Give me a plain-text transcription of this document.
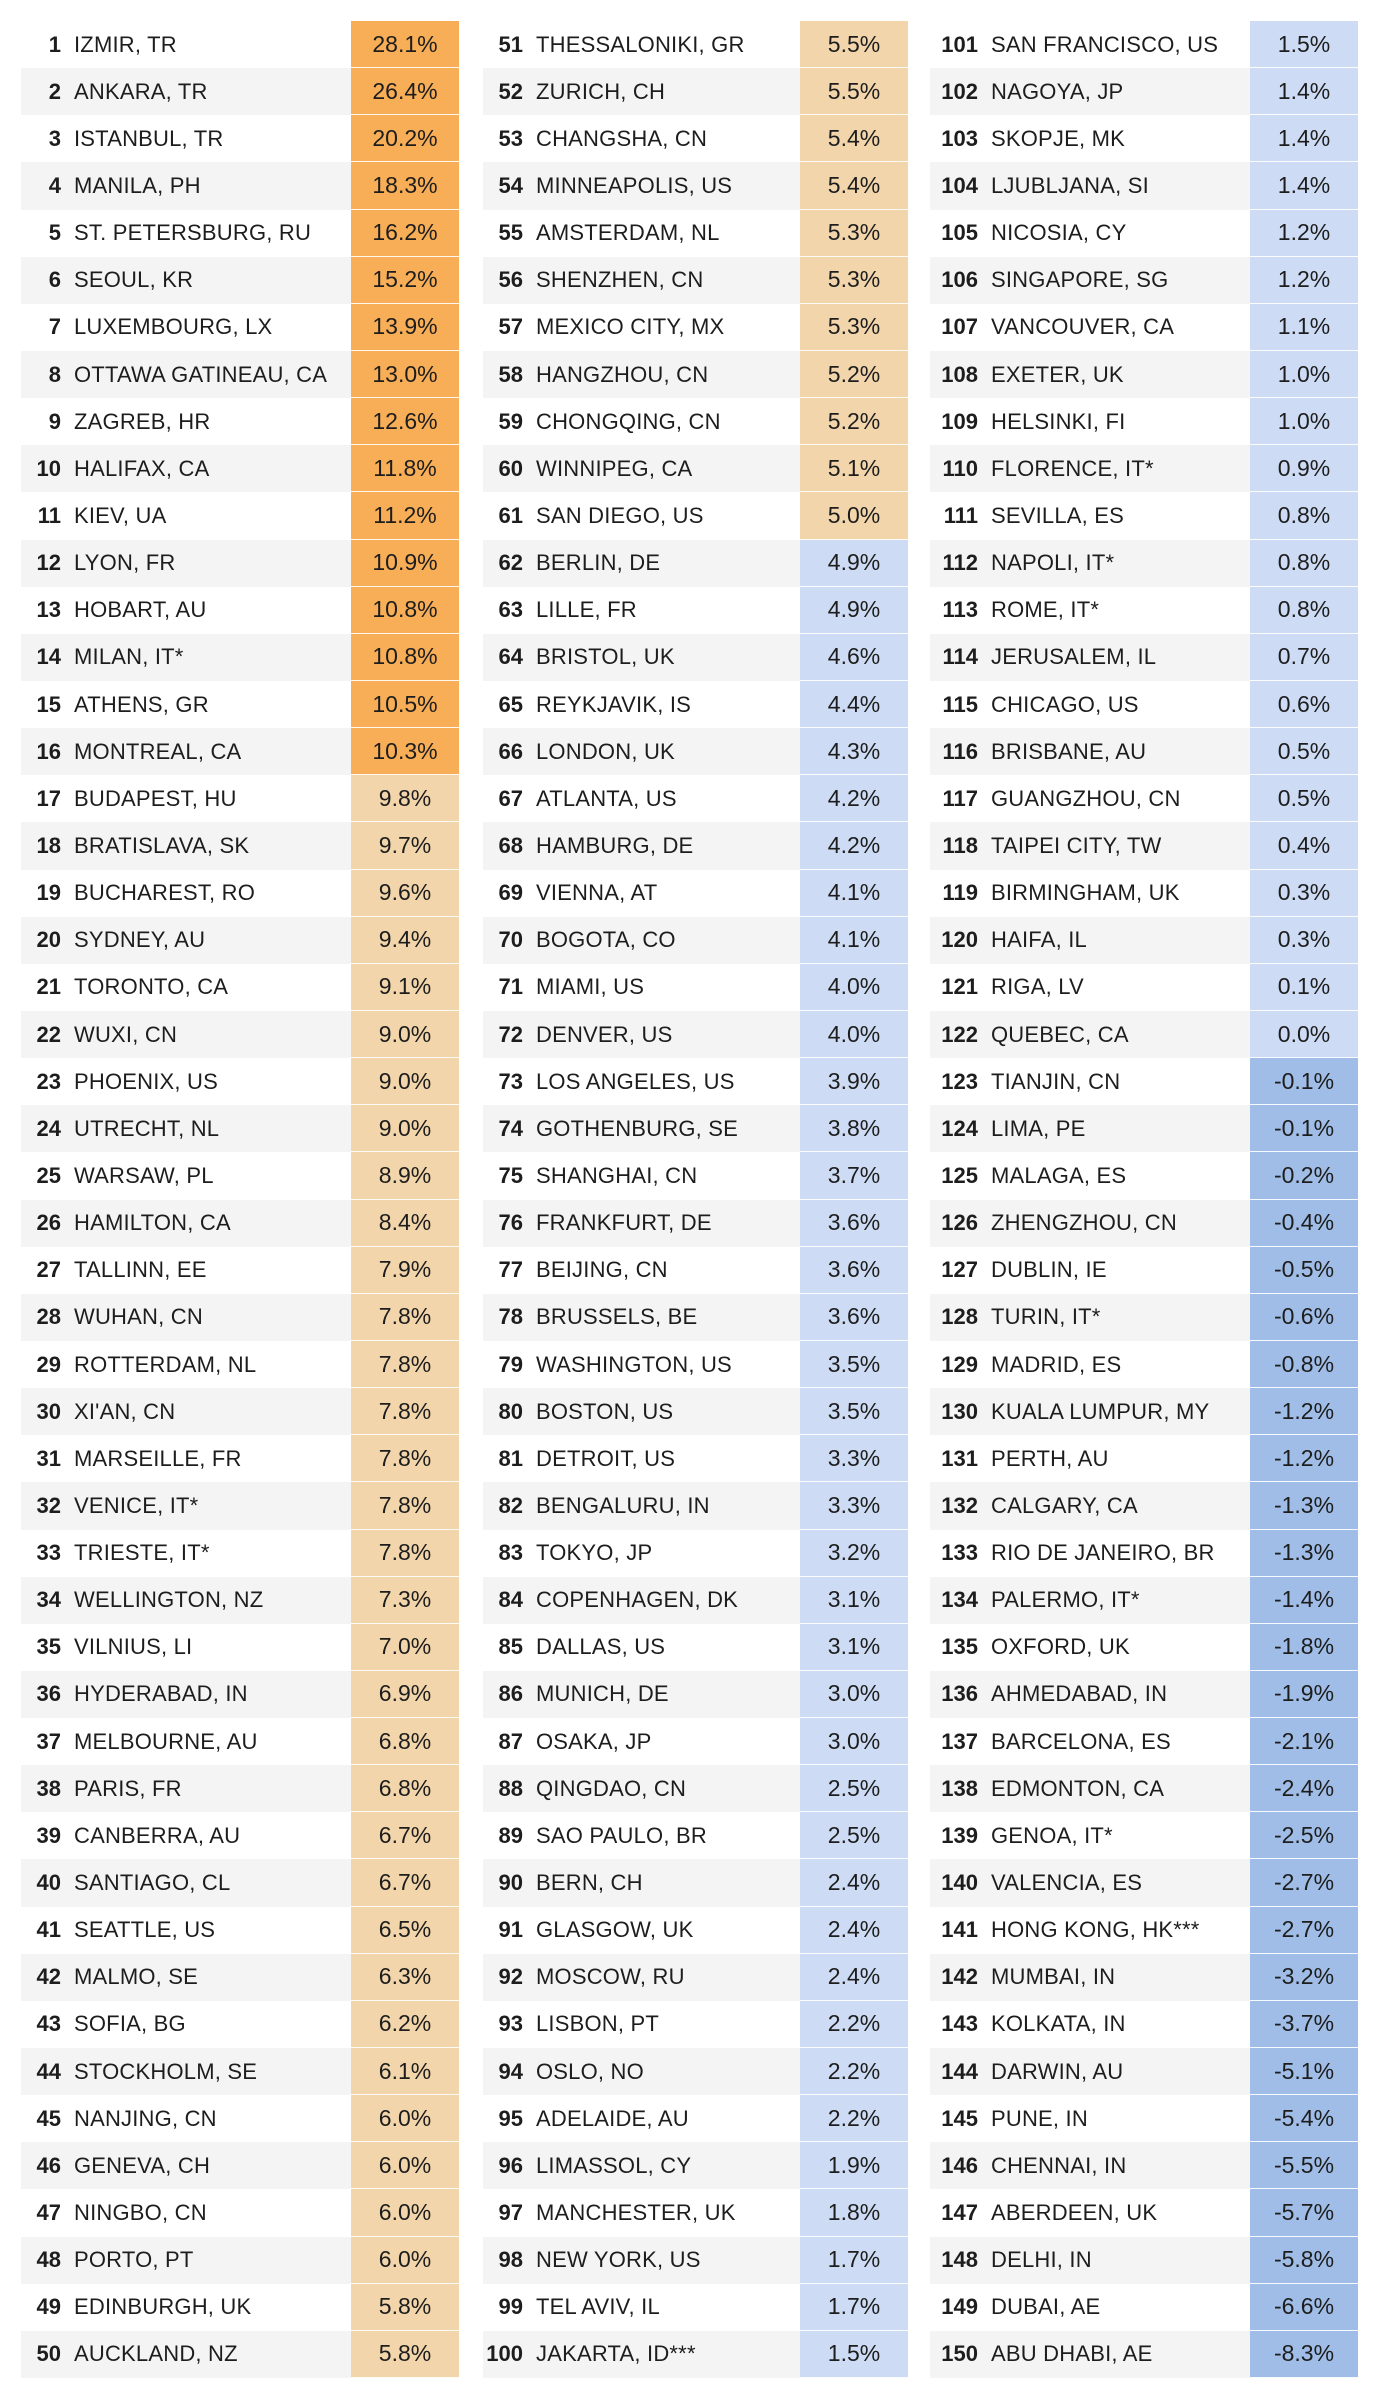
1 IZMIR, TR	28.1%
2 ANKARA, TR	26.4%
3 ISTANBUL, TR	20.2%
4 MANILA, PH	18.3%
5 ST. PETERSBURG, RU	16.2%
6 SEOUL, KR	15.2%
7 LUXEMBOURG, LX	13.9%
8 OTTAWA GATINEAU, CA	13.0%
9 ZAGREB, HR	12.6%
10 HALIFAX, CA	11.8%
11 KIEV, UA	11.2%
12 LYON, FR	10.9%
13 HOBART, AU	10.8%
14 MILAN, IT*	10.8%
15 ATHENS, GR	10.5%
16 MONTREAL, CA	10.3%
17 BUDAPEST, HU	9.8%
18 BRATISLAVA, SK	9.7%
19 BUCHAREST, RO	9.6%
20 SYDNEY, AU	9.4%
21 TORONTO, CA	9.1%
22 WUXI, CN	9.0%
23 PHOENIX, US	9.0%
24 UTRECHT, NL	9.0%
25 WARSAW, PL	8.9%
26 HAMILTON, CA	8.4%
27 TALLINN, EE	7.9%
28 WUHAN, CN	7.8%
29 ROTTERDAM, NL	7.8%
30 XI'AN, CN	7.8%
31 MARSEILLE, FR	7.8%
32 VENICE, IT*	7.8%
33 TRIESTE, IT*	7.8%
34 WELLINGTON, NZ	7.3%
35 VILNIUS, LI	7.0%
36 HYDERABAD, IN	6.9%
37 MELBOURNE, AU	6.8%
38 PARIS, FR	6.8%
39 CANBERRA, AU	6.7%
40 SANTIAGO, CL	6.7%
41 SEATTLE, US	6.5%
42 MALMO, SE	6.3%
43 SOFIA, BG	6.2%
44 STOCKHOLM, SE	6.1%
45 NANJING, CN	6.0%
46 GENEVA, CH	6.0%
47 NINGBO, CN	6.0%
48 PORTO, PT	6.0%
49 EDINBURGH, UK	5.8%
50 AUCKLAND, NZ	5.8%
51 THESSALONIKI, GR	5.5%
52 ZURICH, CH	5.5%
53 CHANGSHA, CN	5.4%
54 MINNEAPOLIS, US	5.4%
55 AMSTERDAM, NL	5.3%
56 SHENZHEN, CN	5.3%
57 MEXICO CITY, MX	5.3%
58 HANGZHOU, CN	5.2%
59 CHONGQING, CN	5.2%
60 WINNIPEG, CA	5.1%
61 SAN DIEGO, US	5.0%
62 BERLIN, DE	4.9%
63 LILLE, FR	4.9%
64 BRISTOL, UK	4.6%
65 REYKJAVIK, IS	4.4%
66 LONDON, UK	4.3%
67 ATLANTA, US	4.2%
68 HAMBURG, DE	4.2%
69 VIENNA, AT	4.1%
70 BOGOTA, CO	4.1%
71 MIAMI, US	4.0%
72 DENVER, US	4.0%
73 LOS ANGELES, US	3.9%
74 GOTHENBURG, SE	3.8%
75 SHANGHAI, CN	3.7%
76 FRANKFURT, DE	3.6%
77 BEIJING, CN	3.6%
78 BRUSSELS, BE	3.6%
79 WASHINGTON, US	3.5%
80 BOSTON, US	3.5%
81 DETROIT, US	3.3%
82 BENGALURU, IN	3.3%
83 TOKYO, JP	3.2%
84 COPENHAGEN, DK	3.1%
85 DALLAS, US	3.1%
86 MUNICH, DE	3.0%
87 OSAKA, JP	3.0%
88 QINGDAO, CN	2.5%
89 SAO PAULO, BR	2.5%
90 BERN, CH	2.4%
91 GLASGOW, UK	2.4%
92 MOSCOW, RU	2.4%
93 LISBON, PT	2.2%
94 OSLO, NO	2.2%
95 ADELAIDE, AU	2.2%
96 LIMASSOL, CY	1.9%
97 MANCHESTER, UK	1.8%
98 NEW YORK, US	1.7%
99 TEL AVIV, IL	1.7%
100 JAKARTA, ID***	1.5%
101 SAN FRANCISCO, US	1.5%
102 NAGOYA, JP	1.4%
103 SKOPJE, MK	1.4%
104 LJUBLJANA, SI	1.4%
105 NICOSIA, CY	1.2%
106 SINGAPORE, SG	1.2%
107 VANCOUVER, CA	1.1%
108 EXETER, UK	1.0%
109 HELSINKI, FI	1.0%
110 FLORENCE, IT*	0.9%
111 SEVILLA, ES	0.8%
112 NAPOLI, IT*	0.8%
113 ROME, IT*	0.8%
114 JERUSALEM, IL	0.7%
115 CHICAGO, US	0.6%
116 BRISBANE, AU	0.5%
117 GUANGZHOU, CN	0.5%
118 TAIPEI CITY, TW	0.4%
119 BIRMINGHAM, UK	0.3%
120 HAIFA, IL	0.3%
121 RIGA, LV	0.1%
122 QUEBEC, CA	0.0%
123 TIANJIN, CN	-0.1%
124 LIMA, PE	-0.1%
125 MALAGA, ES	-0.2%
126 ZHENGZHOU, CN	-0.4%
127 DUBLIN, IE	-0.5%
128 TURIN, IT*	-0.6%
129 MADRID, ES	-0.8%
130 KUALA LUMPUR, MY	-1.2%
131 PERTH, AU	-1.2%
132 CALGARY, CA	-1.3%
133 RIO DE JANEIRO, BR	-1.3%
134 PALERMO, IT*	-1.4%
135 OXFORD, UK	-1.8%
136 AHMEDABAD, IN	-1.9%
137 BARCELONA, ES	-2.1%
138 EDMONTON, CA	-2.4%
139 GENOA, IT*	-2.5%
140 VALENCIA, ES	-2.7%
141 HONG KONG, HK***	-2.7%
142 MUMBAI, IN	-3.2%
143 KOLKATA, IN	-3.7%
144 DARWIN, AU	-5.1%
145 PUNE, IN	-5.4%
146 CHENNAI, IN	-5.5%
147 ABERDEEN, UK	-5.7%
148 DELHI, IN	-5.8%
149 DUBAI, AE	-6.6%
150 ABU DHABI, AE	-8.3%
